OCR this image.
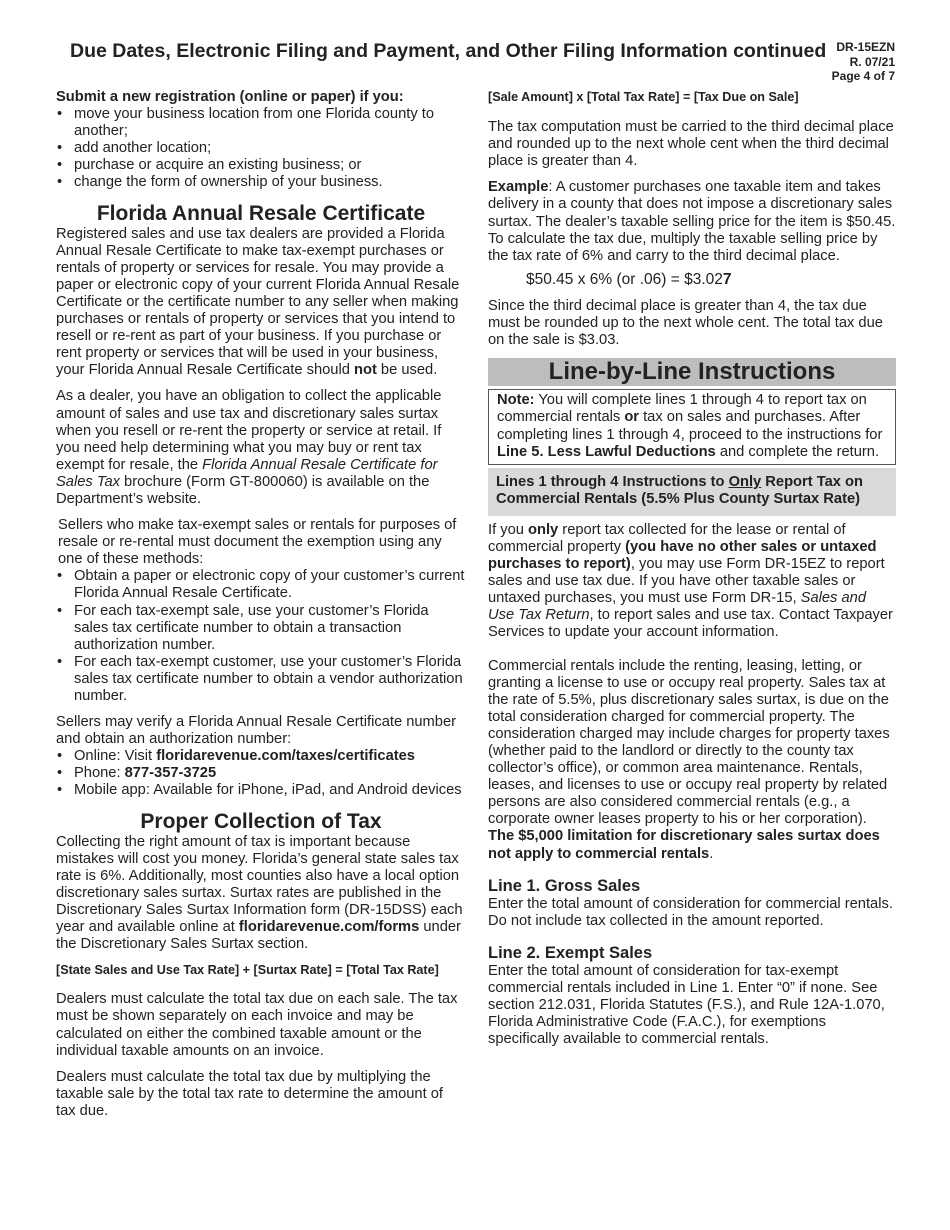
Due Dates, Electronic Filing and Payment, and Other Filing Information continued DR-15EZN
R. 07/21
Page 4 of 7

Submit a new registration (online or paper) if you:

• move your business location from one Florida county to another;
• add another location;
• purchase or acquire an existing business; or
• change the form of ownership of your business.
Florida Annual Resale Certificate

Registered sales and use tax dealers are provided a Florida Annual Resale Certificate to make tax-exempt purchases or rentals of property or services for resale. You may provide a paper or electronic copy of your current Florida Annual Resale Certificate or the certificate number to any seller when making purchases or rentals of property or services that you intend to resell or re-rent as part of your business. If you purchase or rent property or services that will be used in your business, your Florida Annual Resale Certificate should not be used.

As a dealer, you have an obligation to collect the applicable amount of sales and use tax and discretionary sales surtax when you resell or re-rent the property or service at retail. If you need help determining what you may buy or rent tax exempt for resale, the Florida Annual Resale Certificate for Sales Tax brochure (Form GT-800060) is available on the Department’s website.

Sellers who make tax-exempt sales or rentals for purposes of resale or re-rental must document the exemption using any one of these methods:

• Obtain a paper or electronic copy of your customer’s current Florida Annual Resale Certificate.
• For each tax-exempt sale, use your customer’s Florida sales tax certificate number to obtain a transaction authorization number.
• For each tax-exempt customer, use your customer’s Florida sales tax certificate number to obtain a vendor authorization number.

Sellers may verify a Florida Annual Resale Certificate number and obtain an authorization number:

• Online: Visit floridarevenue.com/taxes/certificates
• Phone: 877-357-3725
• Mobile app: Available for iPhone, iPad, and Android devices
Proper Collection of Tax

Collecting the right amount of tax is important because mistakes will cost you money. Florida’s general state sales tax rate is 6%. Additionally, most counties also have a local option discretionary sales surtax. Surtax rates are published in the Discretionary Sales Surtax Information form (DR-15DSS) each year and available online at floridarevenue.com/forms under the Discretionary Sales Surtax section.

[State Sales and Use Tax Rate] + [Surtax Rate] = [Total Tax Rate]

Dealers must calculate the total tax due on each sale. The tax must be shown separately on each invoice and may be calculated on either the combined taxable amount or the individual taxable amounts on an invoice.

Dealers must calculate the total tax due by multiplying the taxable sale by the total tax rate to determine the amount of tax due.

[Sale Amount] x [Total Tax Rate] = [Tax Due on Sale]

The tax computation must be carried to the third decimal place and rounded up to the next whole cent when the third decimal place is greater than 4.

Example: A customer purchases one taxable item and takes delivery in a county that does not impose a discretionary sales surtax. The dealer’s taxable selling price for the item is $50.45. To calculate the tax due, multiply the taxable selling price by the tax rate of 6% and carry to the third decimal place.

$50.45 x 6% (or .06) = $3.027

Since the third decimal place is greater than 4, the tax due must be rounded up to the next whole cent. The total tax due on the sale is $3.03.

Line-by-Line Instructions
Note: You will complete lines 1 through 4 to report tax on commercial rentals or tax on sales and purchases. After completing lines 1 through 4, proceed to the instructions for Line 5. Less Lawful Deductions and complete the return.
Lines 1 through 4 Instructions to Only Report Tax on Commercial Rentals (5.5% Plus County Surtax Rate)

If you only report tax collected for the lease or rental of commercial property (you have no other sales or untaxed purchases to report), you may use Form DR-15EZ to report sales and use tax due. If you have other taxable sales or untaxed purchases, you must use Form DR-15, Sales and Use Tax Return, to report sales and use tax. Contact Taxpayer Services to update your account information.

Commercial rentals include the renting, leasing, letting, or granting a license to use or occupy real property. Sales tax at the rate of 5.5%, plus discretionary sales surtax, is due on the total consideration charged for commercial property. The consideration charged may include charges for property taxes (whether paid to the landlord or directly to the county tax collector’s office), or common area maintenance. Rentals, leases, and licenses to use or occupy real property by related persons are also considered commercial rentals (e.g., a corporate owner leases property to his or her corporation). The $5,000 limitation for discretionary sales surtax does not apply to commercial rentals.

Line 1. Gross Sales

Enter the total amount of consideration for commercial rentals. Do not include tax collected in the amount reported.

Line 2. Exempt Sales

Enter the total amount of consideration for tax-exempt commercial rentals included in Line 1. Enter “0” if none. See section 212.031, Florida Statutes (F.S.), and Rule 12A-1.070, Florida Administrative Code (F.A.C.), for exemptions specifically available to commercial rentals.
